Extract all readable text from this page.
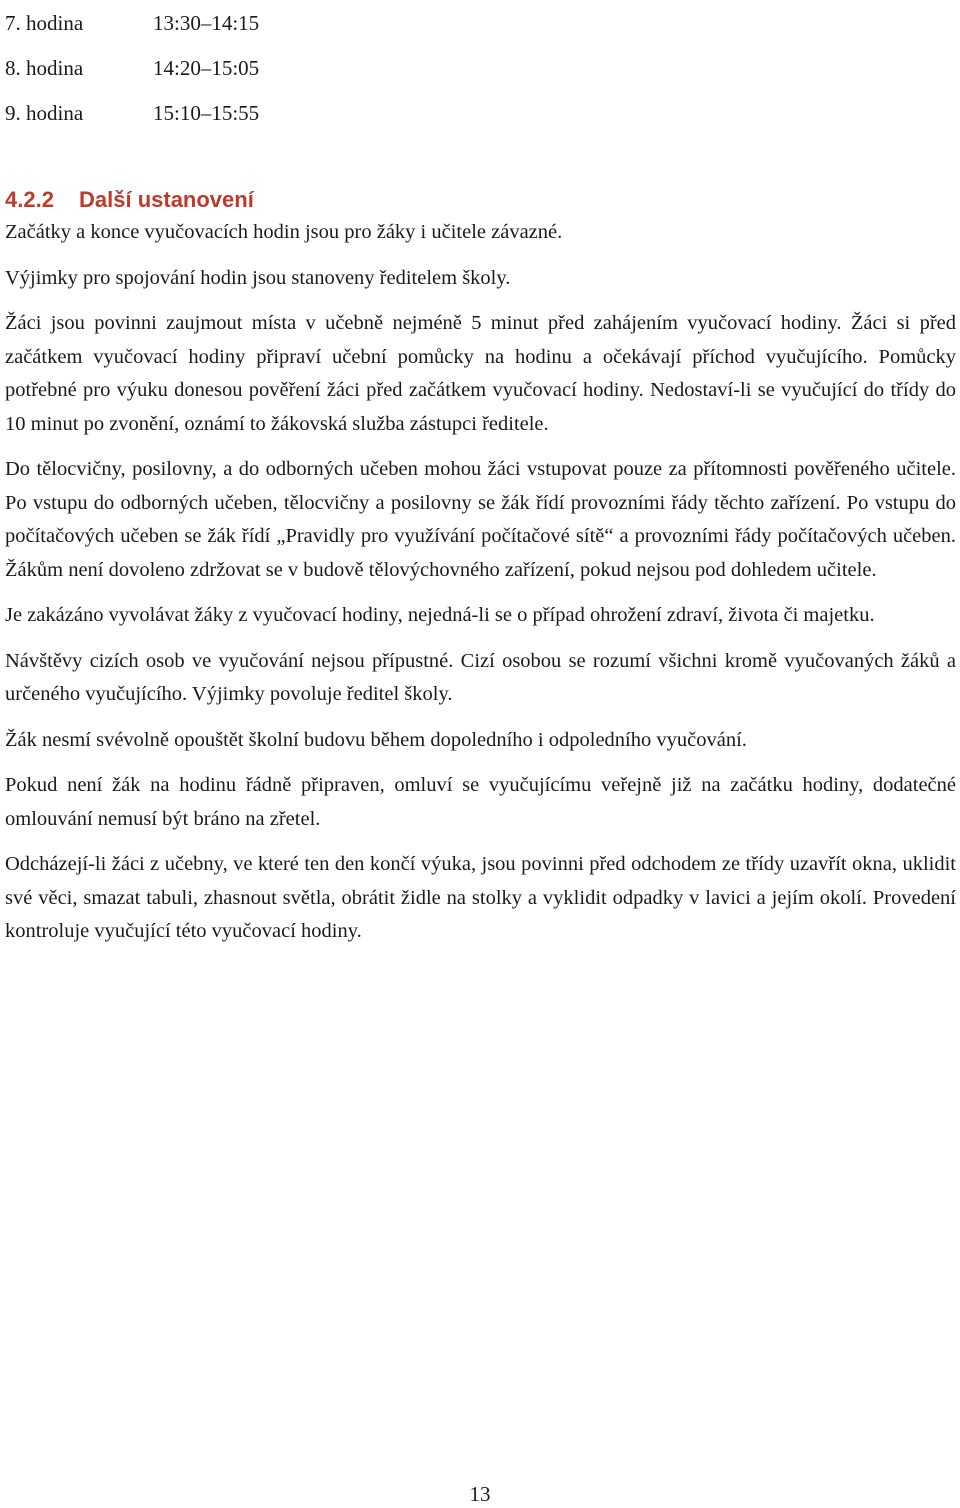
7. hodina	13:30–14:15
8. hodina	14:20–15:05
9. hodina	15:10–15:55
4.2.2	Další ustanovení

Začátky a konce vyučovacích hodin jsou pro žáky i učitele závazné.

Výjimky pro spojování hodin jsou stanoveny ředitelem školy.

Žáci jsou povinni zaujmout místa v učebně nejméně 5 minut před zahájením vyučovací hodiny. Žáci si před začátkem vyučovací hodiny připraví učební pomůcky na hodinu a očekávají příchod vyučujícího. Pomůcky potřebné pro výuku donesou pověření žáci před začátkem vyučovací hodiny. Nedostaví-li se vyučující do třídy do 10 minut po zvonění, oznámí to žákovská služba zástupci ředitele.

Do tělocvičny, posilovny, a do odborných učeben mohou žáci vstupovat pouze za přítomnosti pověřeného učitele. Po vstupu do odborných učeben, tělocvičny a posilovny se žák řídí provozními řády těchto zařízení. Po vstupu do počítačových učeben se žák řídí „Pravidly pro využívání počítačové sítě“ a provozními řády počítačových učeben. Žákům není dovoleno zdržovat se v budově tělovýchovného zařízení, pokud nejsou pod dohledem učitele.

Je zakázáno vyvolávat žáky z vyučovací hodiny, nejedná-li se o případ ohrožení zdraví, života či majetku.

Návštěvy cizích osob ve vyučování nejsou přípustné. Cizí osobou se rozumí všichni kromě vyučovaných žáků a určeného vyučujícího. Výjimky povoluje ředitel školy.

Žák nesmí svévolně opouštět školní budovu během dopoledního i odpoledního vyučování.

Pokud není žák na hodinu řádně připraven, omluví se vyučujícímu veřejně již na začátku hodiny, dodatečné omlouvání nemusí být bráno na zřetel.

Odcházejí-li žáci z učebny, ve které ten den končí výuka, jsou povinni před odchodem ze třídy uzavřít okna, uklidit své věci, smazat tabuli, zhasnout světla, obrátit židle na stolky a vyklidit odpadky v lavici a jejím okolí. Provedení kontroluje vyučující této vyučovací hodiny.

13
